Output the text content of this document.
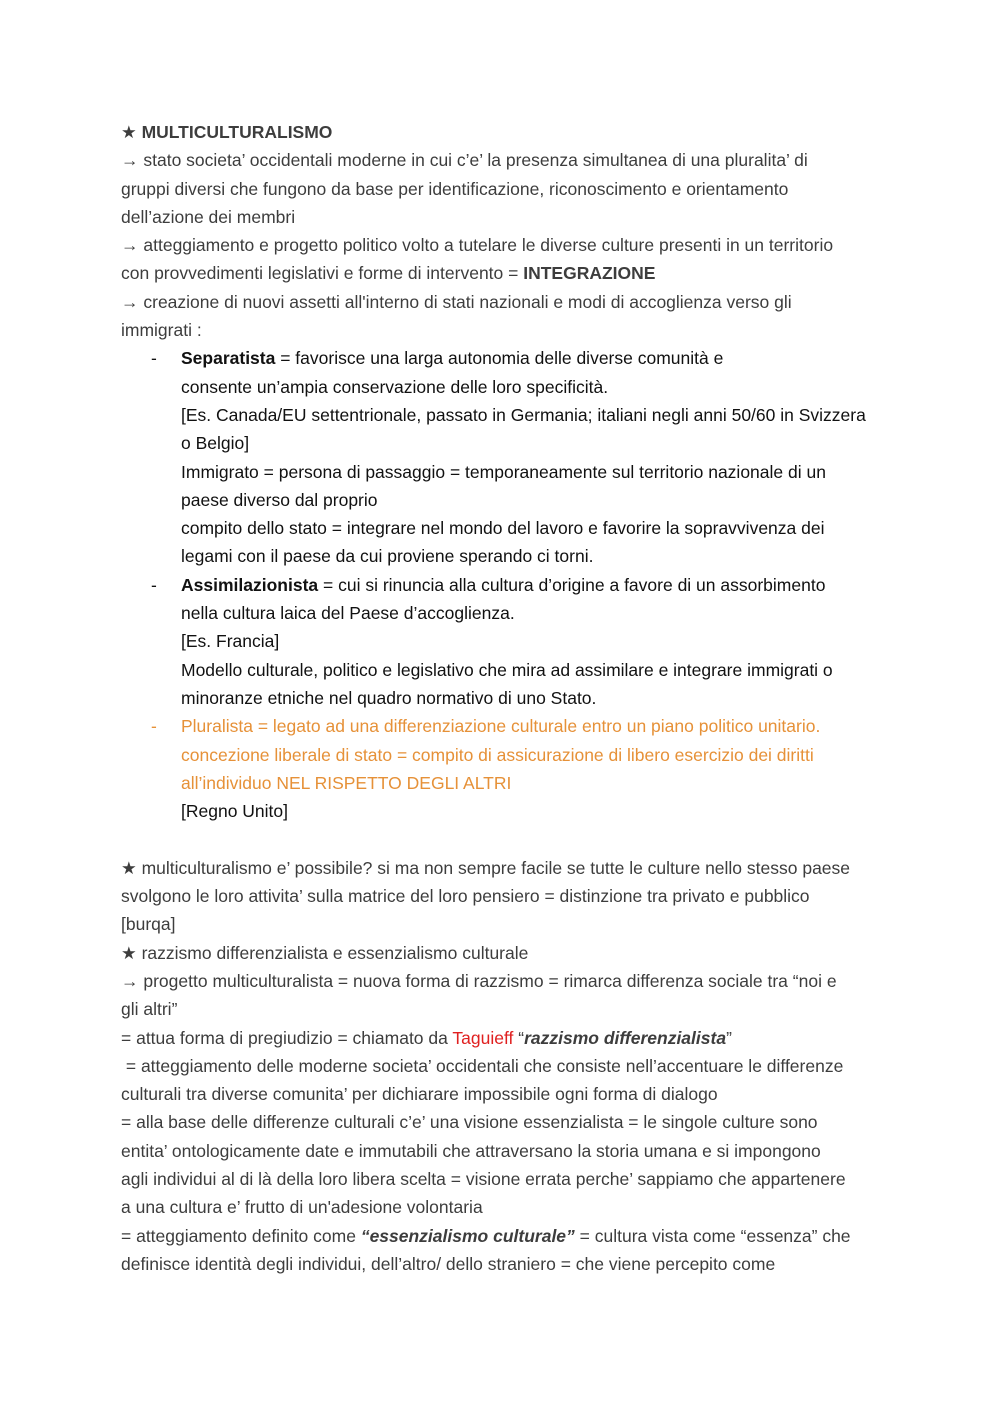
★ MULTICULTURALISMO
→ stato societa’ occidentali moderne in cui c’e’ la presenza simultanea di una pluralita’ di
gruppi diversi che fungono da base per identificazione, riconoscimento e orientamento
dell’azione dei membri
→ atteggiamento e progetto politico volto a tutelare le diverse culture presenti in un territorio
con provvedimenti legislativi e forme di intervento = INTEGRAZIONE
→ creazione di nuovi assetti all'interno di stati nazionali e modi di accoglienza verso gli
immigrati :
-	Separatista = favorisce una larga autonomia delle diverse comunità e
consente un’ampia conservazione delle loro specificità.
[Es. Canada/EU settentrionale, passato in Germania; italiani negli anni 50/60 in Svizzera
o Belgio]
Immigrato = persona di passaggio = temporaneamente sul territorio nazionale di un
paese diverso dal proprio
compito dello stato = integrare nel mondo del lavoro e favorire la sopravvivenza dei
legami con il paese da cui proviene sperando ci torni.
-	Assimilazionista = cui si rinuncia alla cultura d’origine a favore di un assorbimento
nella cultura laica del Paese d’accoglienza.
[Es. Francia]
Modello culturale, politico e legislativo che mira ad assimilare e integrare immigrati o
minoranze etniche nel quadro normativo di uno Stato.
-	Pluralista = legato ad una differenziazione culturale entro un piano politico unitario.
concezione liberale di stato = compito di assicurazione di libero esercizio dei diritti
all’individuo NEL RISPETTO DEGLI ALTRI
[Regno Unito]
★ multiculturalismo e’ possibile? si ma non sempre facile se tutte le culture nello stesso paese
svolgono le loro attivita’ sulla matrice del loro pensiero = distinzione tra privato e pubblico
[burqa]
★ razzismo differenzialista e essenzialismo culturale
→ progetto multiculturalista = nuova forma di razzismo = rimarca differenza sociale tra “noi e
gli altri”
= attua forma di pregiudizio = chiamato da Taguieff “razzismo differenzialista”
= atteggiamento delle moderne societa’ occidentali che consiste nell’accentuare le differenze
culturali tra diverse comunita’ per dichiarare impossibile ogni forma di dialogo
= alla base delle differenze culturali c’e’ una visione essenzialista = le singole culture sono
entita’ ontologicamente date e immutabili che attraversano la storia umana e si impongono
agli individui al di là della loro libera scelta = visione errata perche’ sappiamo che appartenere
a una cultura e’ frutto di un'adesione volontaria
= atteggiamento definito come “essenzialismo culturale” = cultura vista come “essenza” che
definisce identità degli individui, dell’altro/ dello straniero = che viene percepito come
